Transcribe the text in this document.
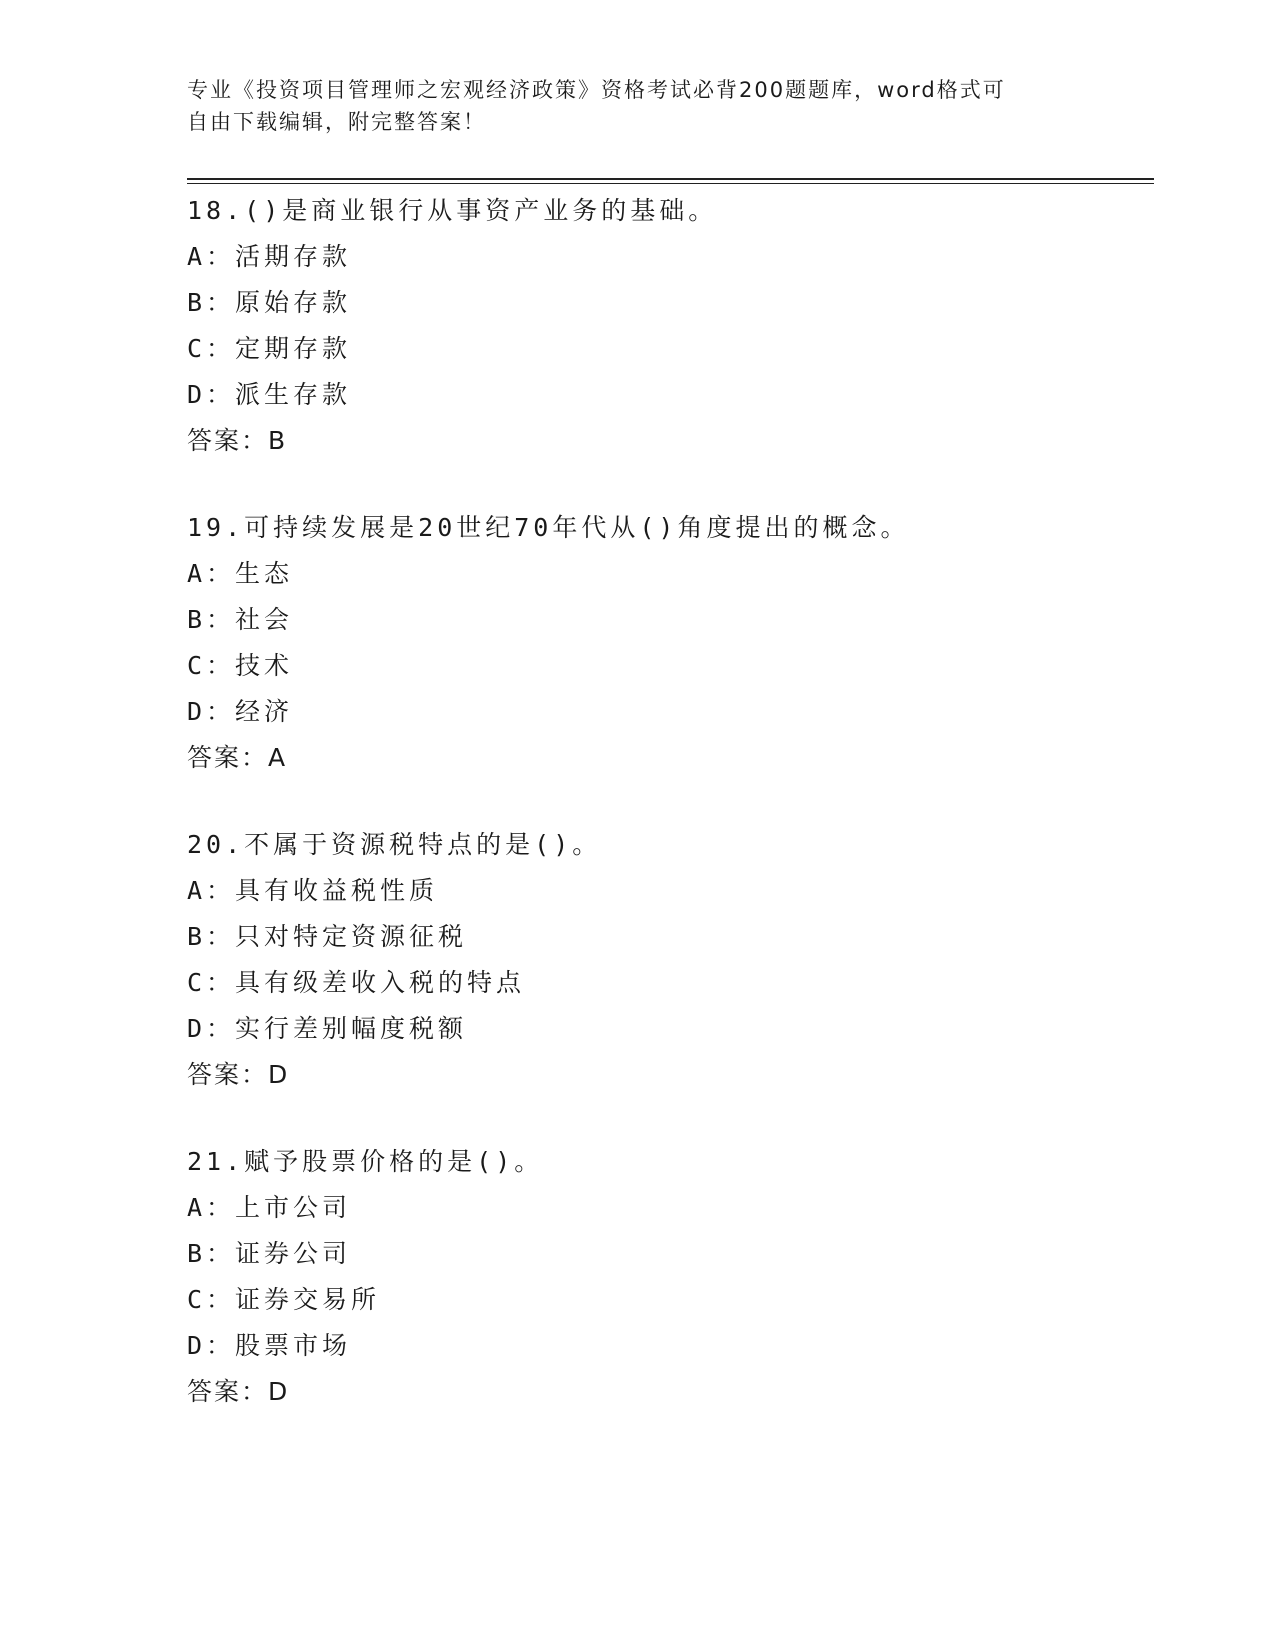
专业《投资项目管理师之宏观经济政策》资格考试必背200题题库，word格式可
自由下载编辑，附完整答案！
18.()是商业银行从事资产业务的基础。
A：活期存款
B：原始存款
C：定期存款
D：派生存款
答案：B
19.可持续发展是20世纪70年代从()角度提出的概念。
A：生态
B：社会
C：技术
D：经济
答案：A
20.不属于资源税特点的是()。
A：具有收益税性质
B：只对特定资源征税
C：具有级差收入税的特点
D：实行差别幅度税额
答案：D
21.赋予股票价格的是()。
A：上市公司
B：证券公司
C：证券交易所
D：股票市场
答案：D
